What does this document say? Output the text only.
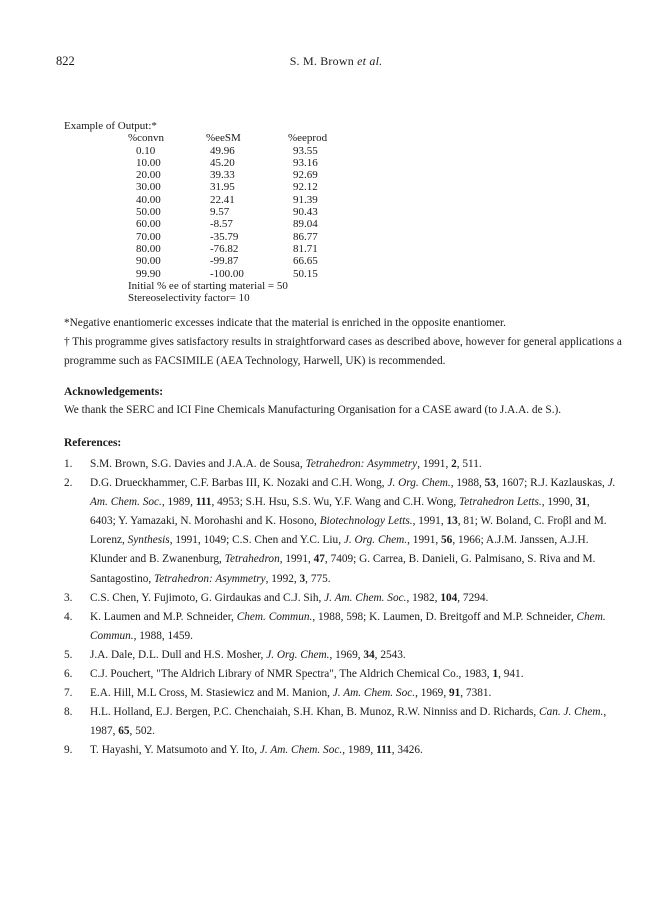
822	S. M. Brown et al.

Example of Output:*

%convn	%eeSM	%eeprod
0.10	49.96	93.55
10.00	45.20	93.16
20.00	39.33	92.69
30.00	31.95	92.12
40.00	22.41	91.39
50.00	9.57	90.43
60.00	-8.57	89.04
70.00	-35.79	86.77
80.00	-76.82	81.71
90.00	-99.87	66.65
99.90	-100.00	50.15
Initial % ee of starting material = 50
Stereoselectivity factor= 10

*Negative enantiomeric excesses indicate that the material is enriched in the opposite enantiomer.

† This programme gives satisfactory results in straightforward cases as described above, however for general applications a programme such as FACSIMILE (AEA Technology, Harwell, UK) is recommended.

Acknowledgements:
We thank the SERC and ICI Fine Chemicals Manufacturing Organisation for a CASE award (to J.A.A. de S.).
References:
1. S.M. Brown, S.G. Davies and J.A.A. de Sousa, Tetrahedron: Asymmetry, 1991, 2, 511.
2. D.G. Drueckhammer, C.F. Barbas III, K. Nozaki and C.H. Wong, J. Org. Chem., 1988, 53, 1607; R.J. Kazlauskas, J. Am. Chem. Soc., 1989, 111, 4953; S.H. Hsu, S.S. Wu, Y.F. Wang and C.H. Wong, Tetrahedron Letts., 1990, 31, 6403; Y. Yamazaki, N. Morohashi and K. Hosono, Biotechnology Letts., 1991, 13, 81; W. Boland, C. Froβl and M. Lorenz, Synthesis, 1991, 1049; C.S. Chen and Y.C. Liu, J. Org. Chem., 1991, 56, 1966; A.J.M. Janssen, A.J.H. Klunder and B. Zwanenburg, Tetrahedron, 1991, 47, 7409; G. Carrea, B. Danieli, G. Palmisano, S. Riva and M. Santagostino, Tetrahedron: Asymmetry, 1992, 3, 775.
3. C.S. Chen, Y. Fujimoto, G. Girdaukas and C.J. Sih, J. Am. Chem. Soc., 1982, 104, 7294.
4. K. Laumen and M.P. Schneider, Chem. Commun., 1988, 598; K. Laumen, D. Breitgoff and M.P. Schneider, Chem. Commun., 1988, 1459.
5. J.A. Dale, D.L. Dull and H.S. Mosher, J. Org. Chem., 1969, 34, 2543.
6. C.J. Pouchert, "The Aldrich Library of NMR Spectra", The Aldrich Chemical Co., 1983, 1, 941.
7. E.A. Hill, M.L Cross, M. Stasiewicz and M. Manion, J. Am. Chem. Soc., 1969, 91, 7381.
8. H.L. Holland, E.J. Bergen, P.C. Chenchaiah, S.H. Khan, B. Munoz, R.W. Ninniss and D. Richards, Can. J. Chem., 1987, 65, 502.
9. T. Hayashi, Y. Matsumoto and Y. Ito, J. Am. Chem. Soc., 1989, 111, 3426.
